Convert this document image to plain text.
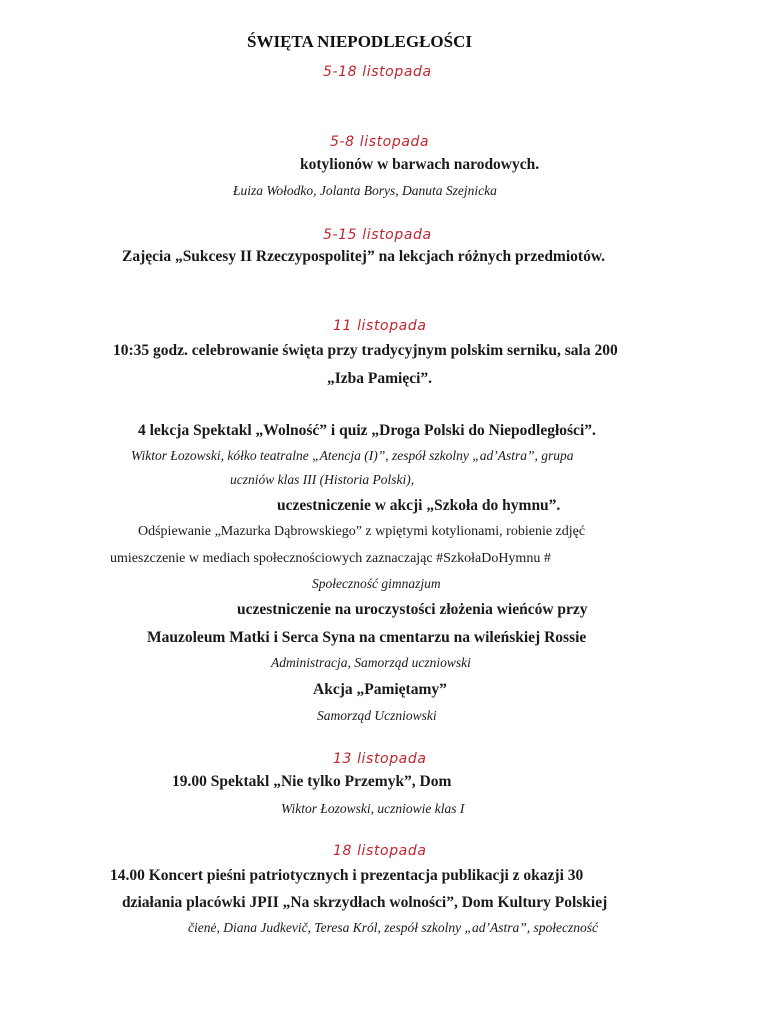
ŚWIĘTA NIEPODLEGŁOŚCI
5-18 listopada
5-8 listopada
kotylionów w barwach narodowych.
Łuiza Wołodko, Jolanta Borys, Danuta Szejnicka
5-15 listopada
Zajęcia „Sukcesy II Rzeczypospolitej” na lekcjach różnych przedmiotów.
11 listopada
10:35 godz. celebrowanie święta przy tradycyjnym polskim serniku, sala 200
„Izba Pamięci”.
4 lekcja Spektakl „Wolność” i quiz „Droga Polski do Niepodległości”.
Wiktor Łozowski, kółko teatralne „Atencja (I)”, zespół szkolny „ad’Astra”, grupa
uczniów klas III (Historia Polski),
uczestniczenie w akcji „Szkoła do hymnu”.
Odśpiewanie „Mazurka Dąbrowskiego” z wpiętymi kotylionami, robienie zdjęć
umieszczenie w mediach społecznościowych zaznaczając #SzkołaDoHymnu #
Społeczność gimnazjum
uczestniczenie na uroczystości złożenia wieńców przy
Mauzoleum Matki i Serca Syna na cmentarzu na wileńskiej Rossie
Administracja, Samorząd uczniowski
Akcja „Pamiętamy”
Samorząd Uczniowski
13 listopada
19.00 Spektakl „Nie tylko Przemyk”, Dom
Wiktor Łozowski, uczniowie klas I
18 listopada
14.00 Koncert pieśni patriotycznych i prezentacja publikacji z okazji 30
działania placówki JPII „Na skrzydłach wolności”, Dom Kultury Polskiej
čienė, Diana Judkevič, Teresa Król, zespół szkolny „ad’Astra”, społeczność
